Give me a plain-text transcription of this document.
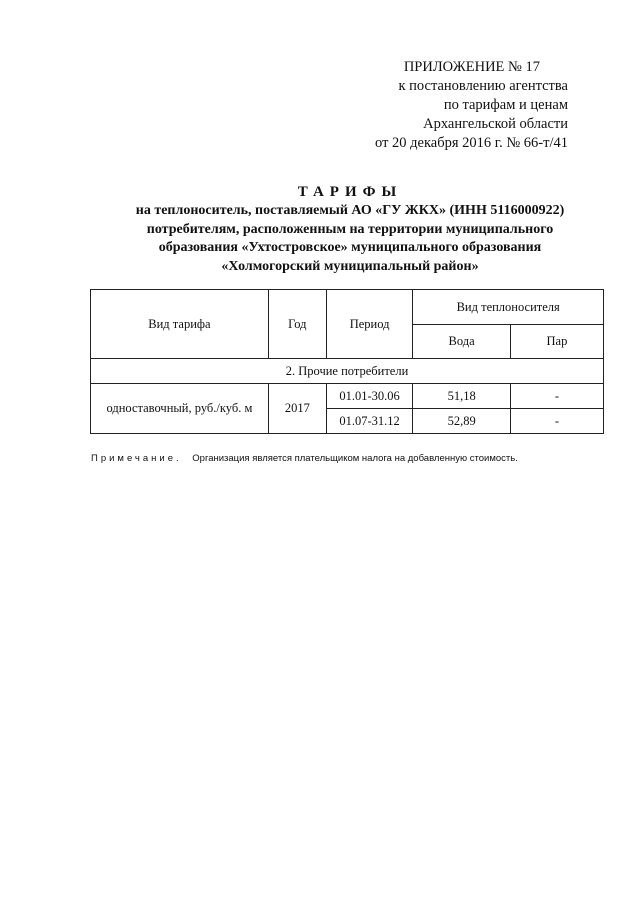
ПРИЛОЖЕНИЕ № 17
к постановлению агентства
по тарифам и ценам
Архангельской области
от 20 декабря 2016 г. № 66-т/41
ТАРИФЫ
на теплоноситель, поставляемый АО «ГУ ЖКХ» (ИНН 5116000922)
потребителям, расположенным на территории муниципального
образования «Ухтостровское» муниципального образования
«Холмогорский муниципальный район»
Вид тарифа	Год	Период	Вид теплоносителя	
			Вода	Пар
2. Прочие потребители				
одноставочный, руб./куб. м	2017	01.01-30.06	51,18	-
		01.07-31.12	52,89	-
Примечание. Организация является плательщиком налога на добавленную стоимость.
